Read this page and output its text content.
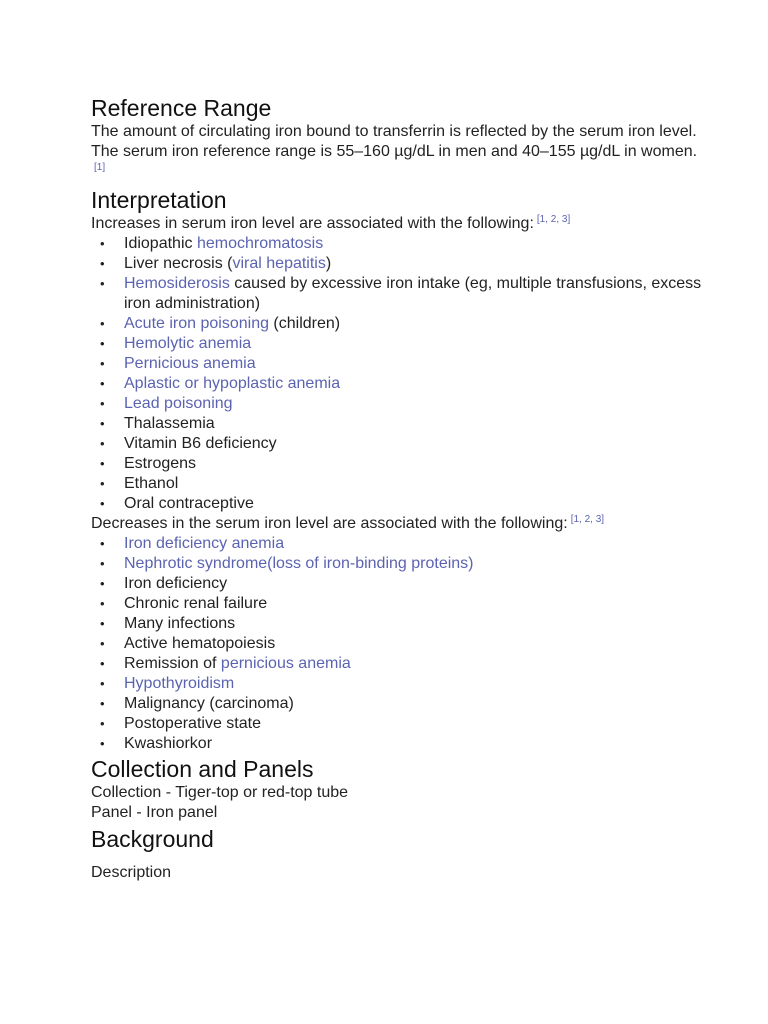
Reference Range

The amount of circulating iron bound to transferrin is reflected by the serum iron level.

The serum iron reference range is 55–160 µg/dL in men and 40–155 µg/dL in women.[1]

Interpretation

Increases in serum iron level are associated with the following: [1, 2, 3]

• Idiopathic hemochromatosis
• Liver necrosis (viral hepatitis)
• Hemosiderosis caused by excessive iron intake (eg, multiple transfusions, excess iron administration)
• Acute iron poisoning (children)
• Hemolytic anemia
• Pernicious anemia
• Aplastic or hypoplastic anemia
• Lead poisoning
• Thalassemia
• Vitamin B6 deficiency
• Estrogens
• Ethanol
• Oral contraceptive

Decreases in the serum iron level are associated with the following: [1, 2, 3]

• Iron deficiency anemia
• Nephrotic syndrome(loss of iron-binding proteins)
• Iron deficiency
• Chronic renal failure
• Many infections
• Active hematopoiesis
• Remission of pernicious anemia
• Hypothyroidism
• Malignancy (carcinoma)
• Postoperative state
• Kwashiorkor
Collection and Panels

Collection - Tiger-top or red-top tube

Panel - Iron panel

Background

Description
